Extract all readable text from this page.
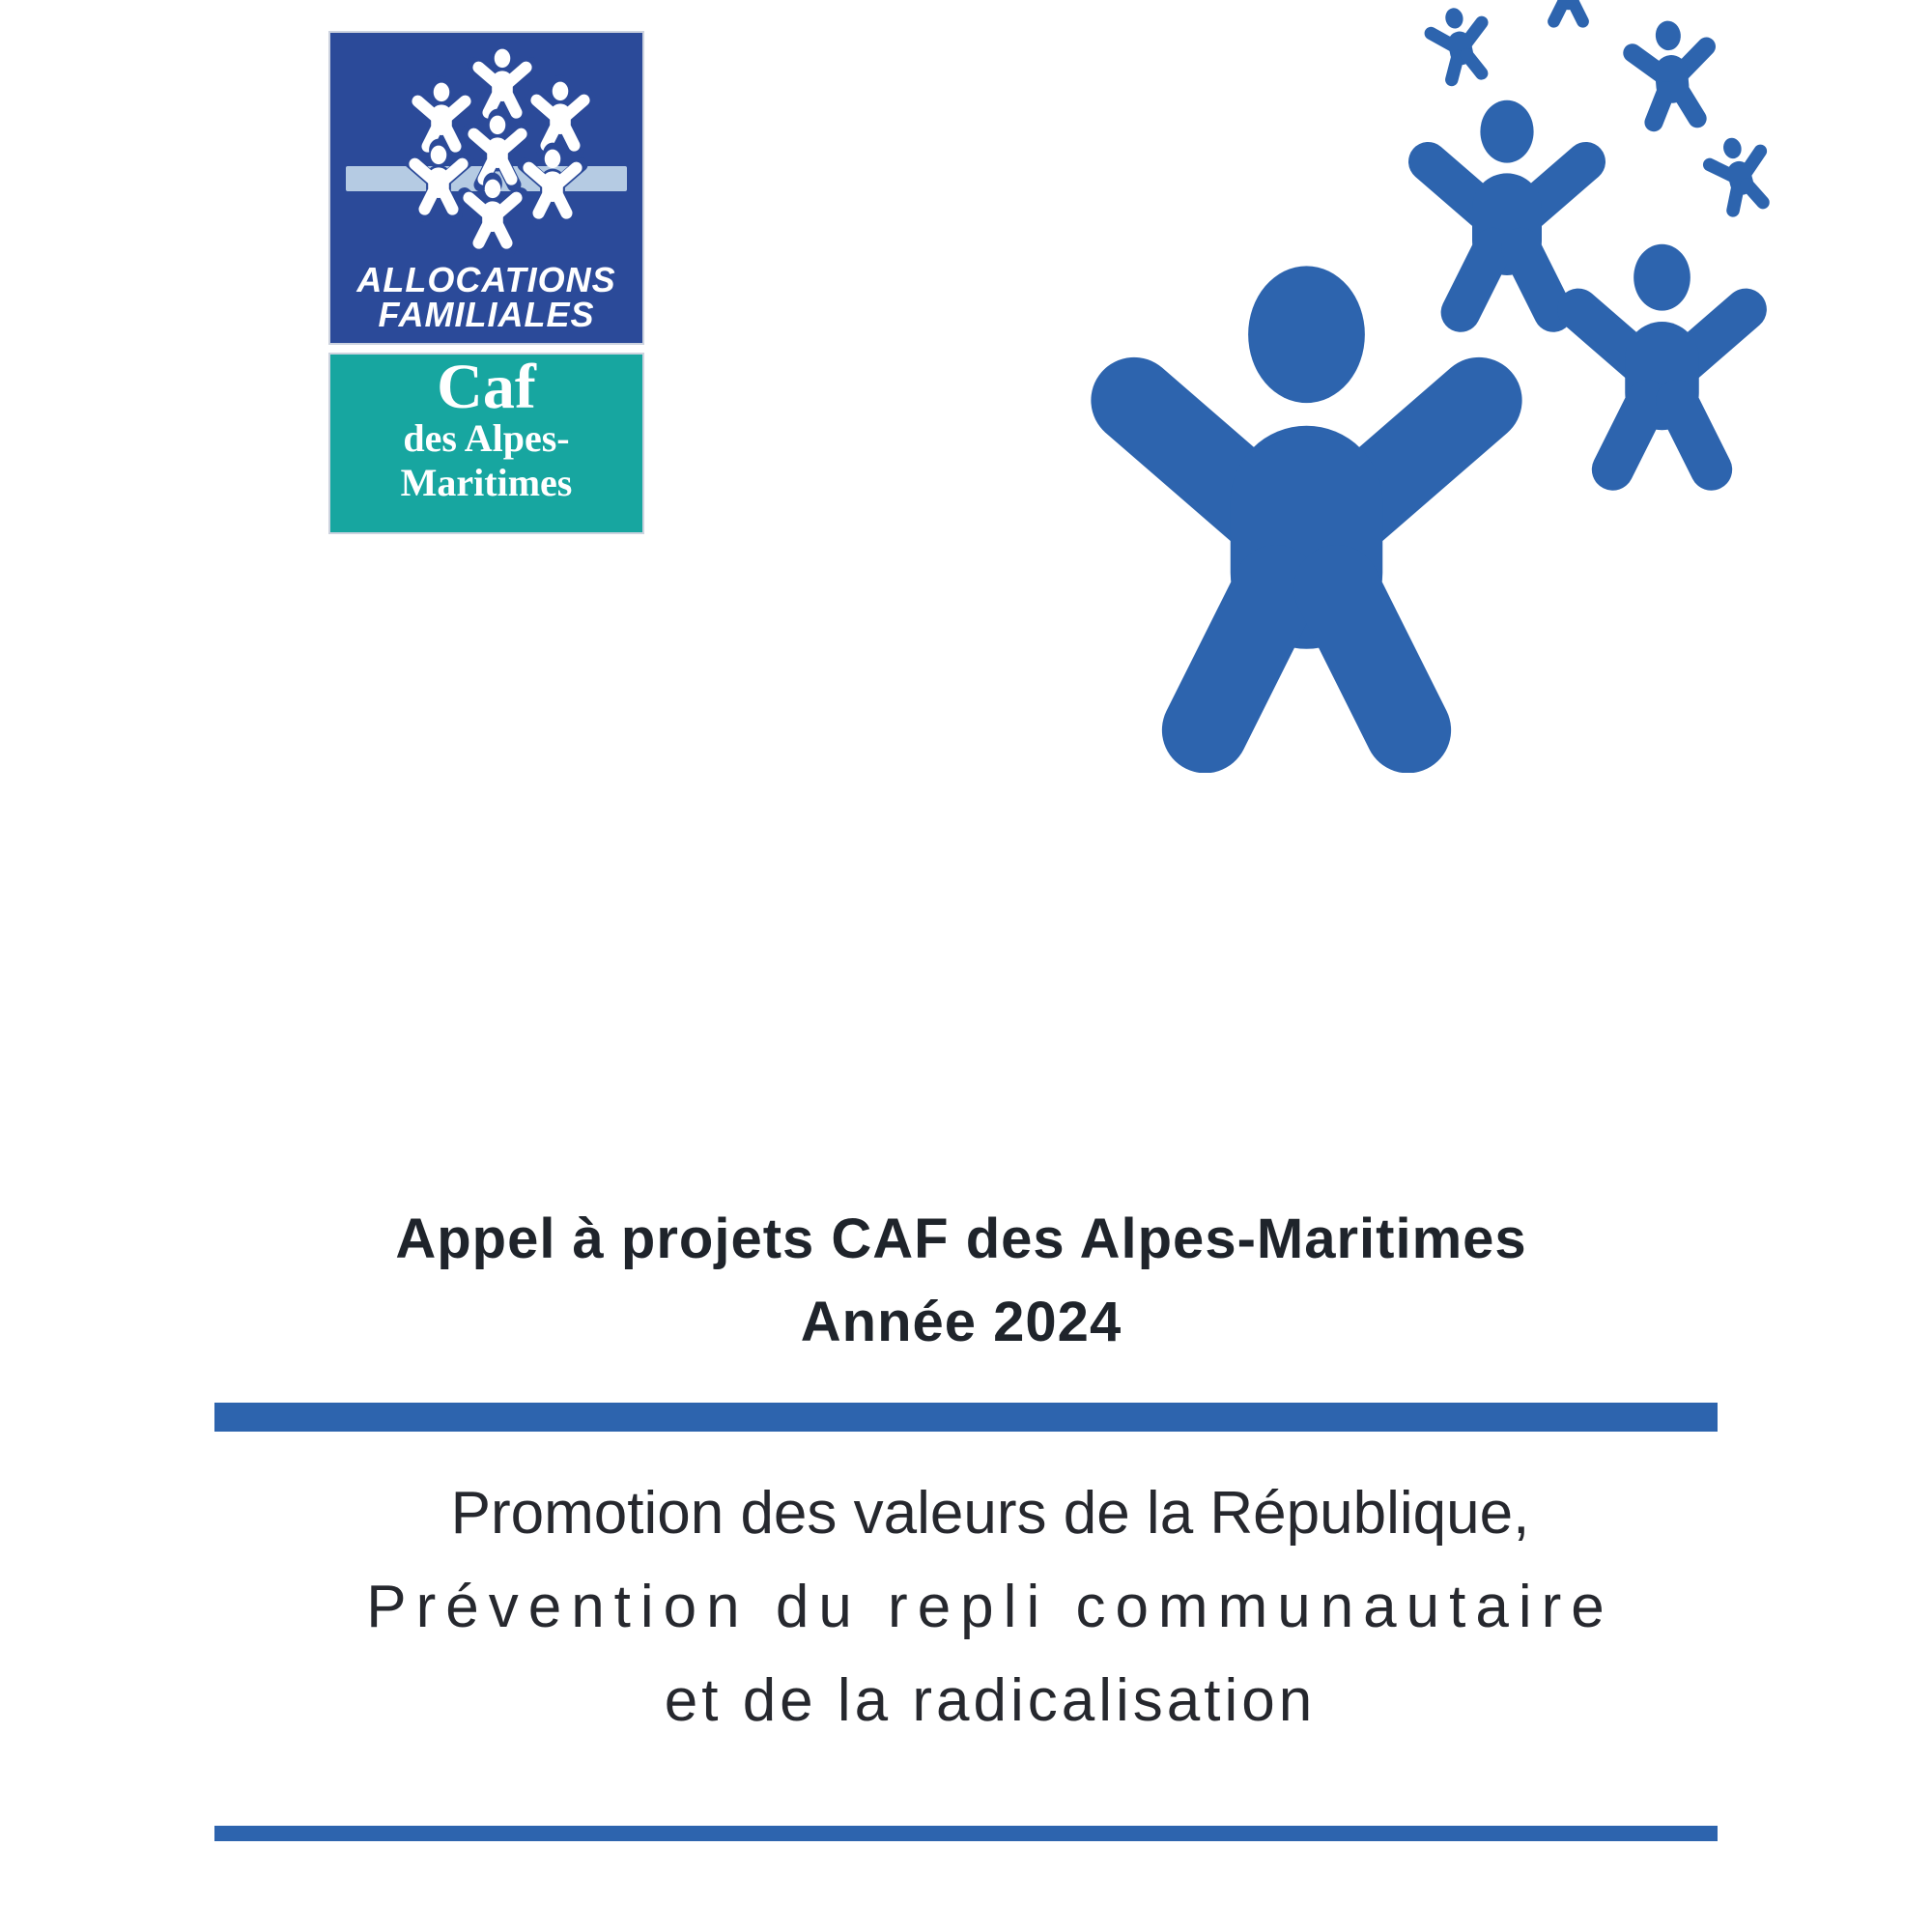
ALLOCATIONS
FAMILIALES
Caf
des Alpes-
Maritimes
Appel à projets CAF des Alpes-Maritimes
Année 2024
Promotion des valeurs de la République,
Prévention du repli communautaire
et de la radicalisation
